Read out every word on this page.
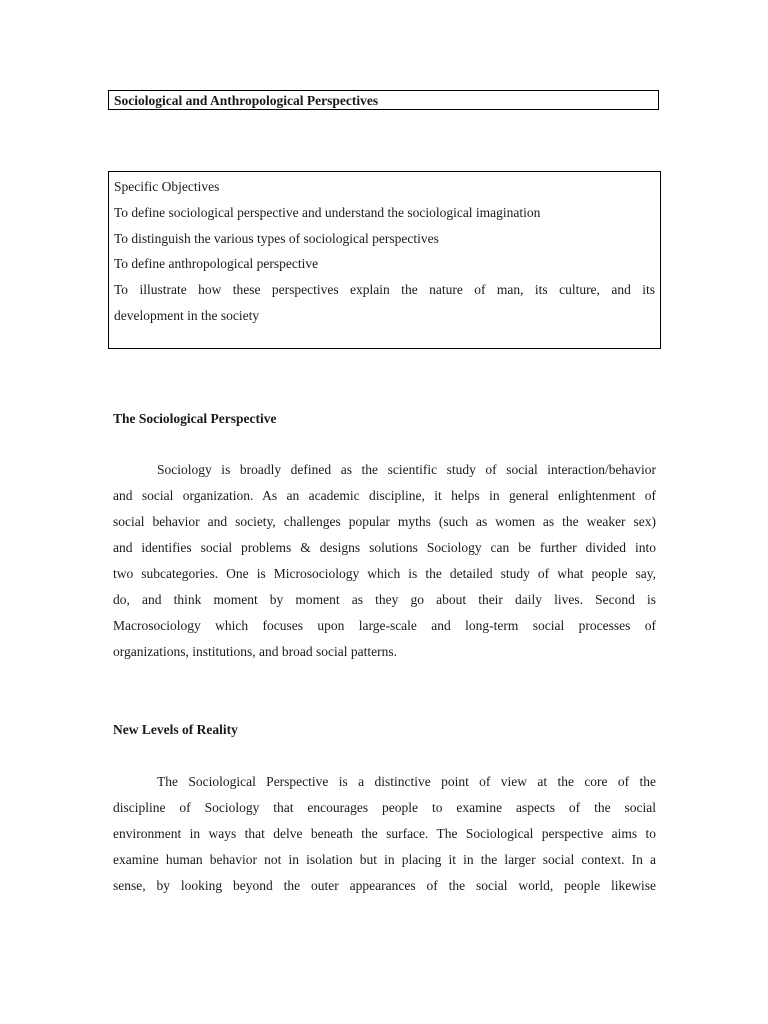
Sociological and Anthropological Perspectives
Specific Objectives
To define sociological perspective and understand the sociological imagination
To distinguish the various types of sociological perspectives
To define anthropological perspective
To illustrate how these perspectives explain the nature of man, its culture, and its
development in the society
The Sociological Perspective
Sociology is broadly defined as the scientific study of social interaction/behavior
and social organization. As an academic discipline, it helps in general enlightenment of
social behavior and society, challenges popular myths (such as women as the weaker sex)
and identifies social problems & designs solutions Sociology can be further divided into
two subcategories. One is Microsociology which is the detailed study of what people say,
do, and think moment by moment as they go about their daily lives. Second is
Macrosociology which focuses upon large-scale and long-term social processes of
organizations, institutions, and broad social patterns.
New Levels of Reality
The Sociological Perspective is a distinctive point of view at the core of the
discipline of Sociology that encourages people to examine aspects of the social
environment in ways that delve beneath the surface. The Sociological perspective aims to
examine human behavior not in isolation but in placing it in the larger social context. In a
sense, by looking beyond the outer appearances of the social world, people likewise
